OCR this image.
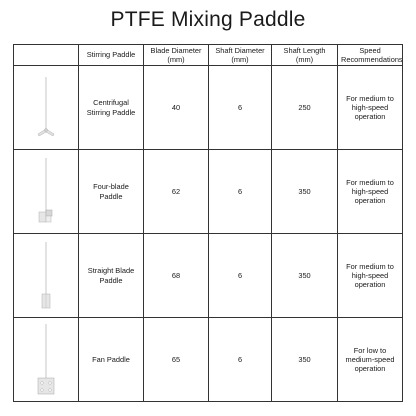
PTFE Mixing Paddle
	Stirring Paddle	Blade Diameter (mm)	Shaft Diameter (mm)	Shaft Length (mm)	Speed Recommendations

	Centrifugal Stirring Paddle	40	6	250	For medium to high-speed operation

	Four-blade Paddle	62	6	350	For medium to high-speed operation

	Straight Blade Paddle	68	6	350	For medium to high-speed operation

	Fan Paddle	65	6	350	For low to medium-speed operation
